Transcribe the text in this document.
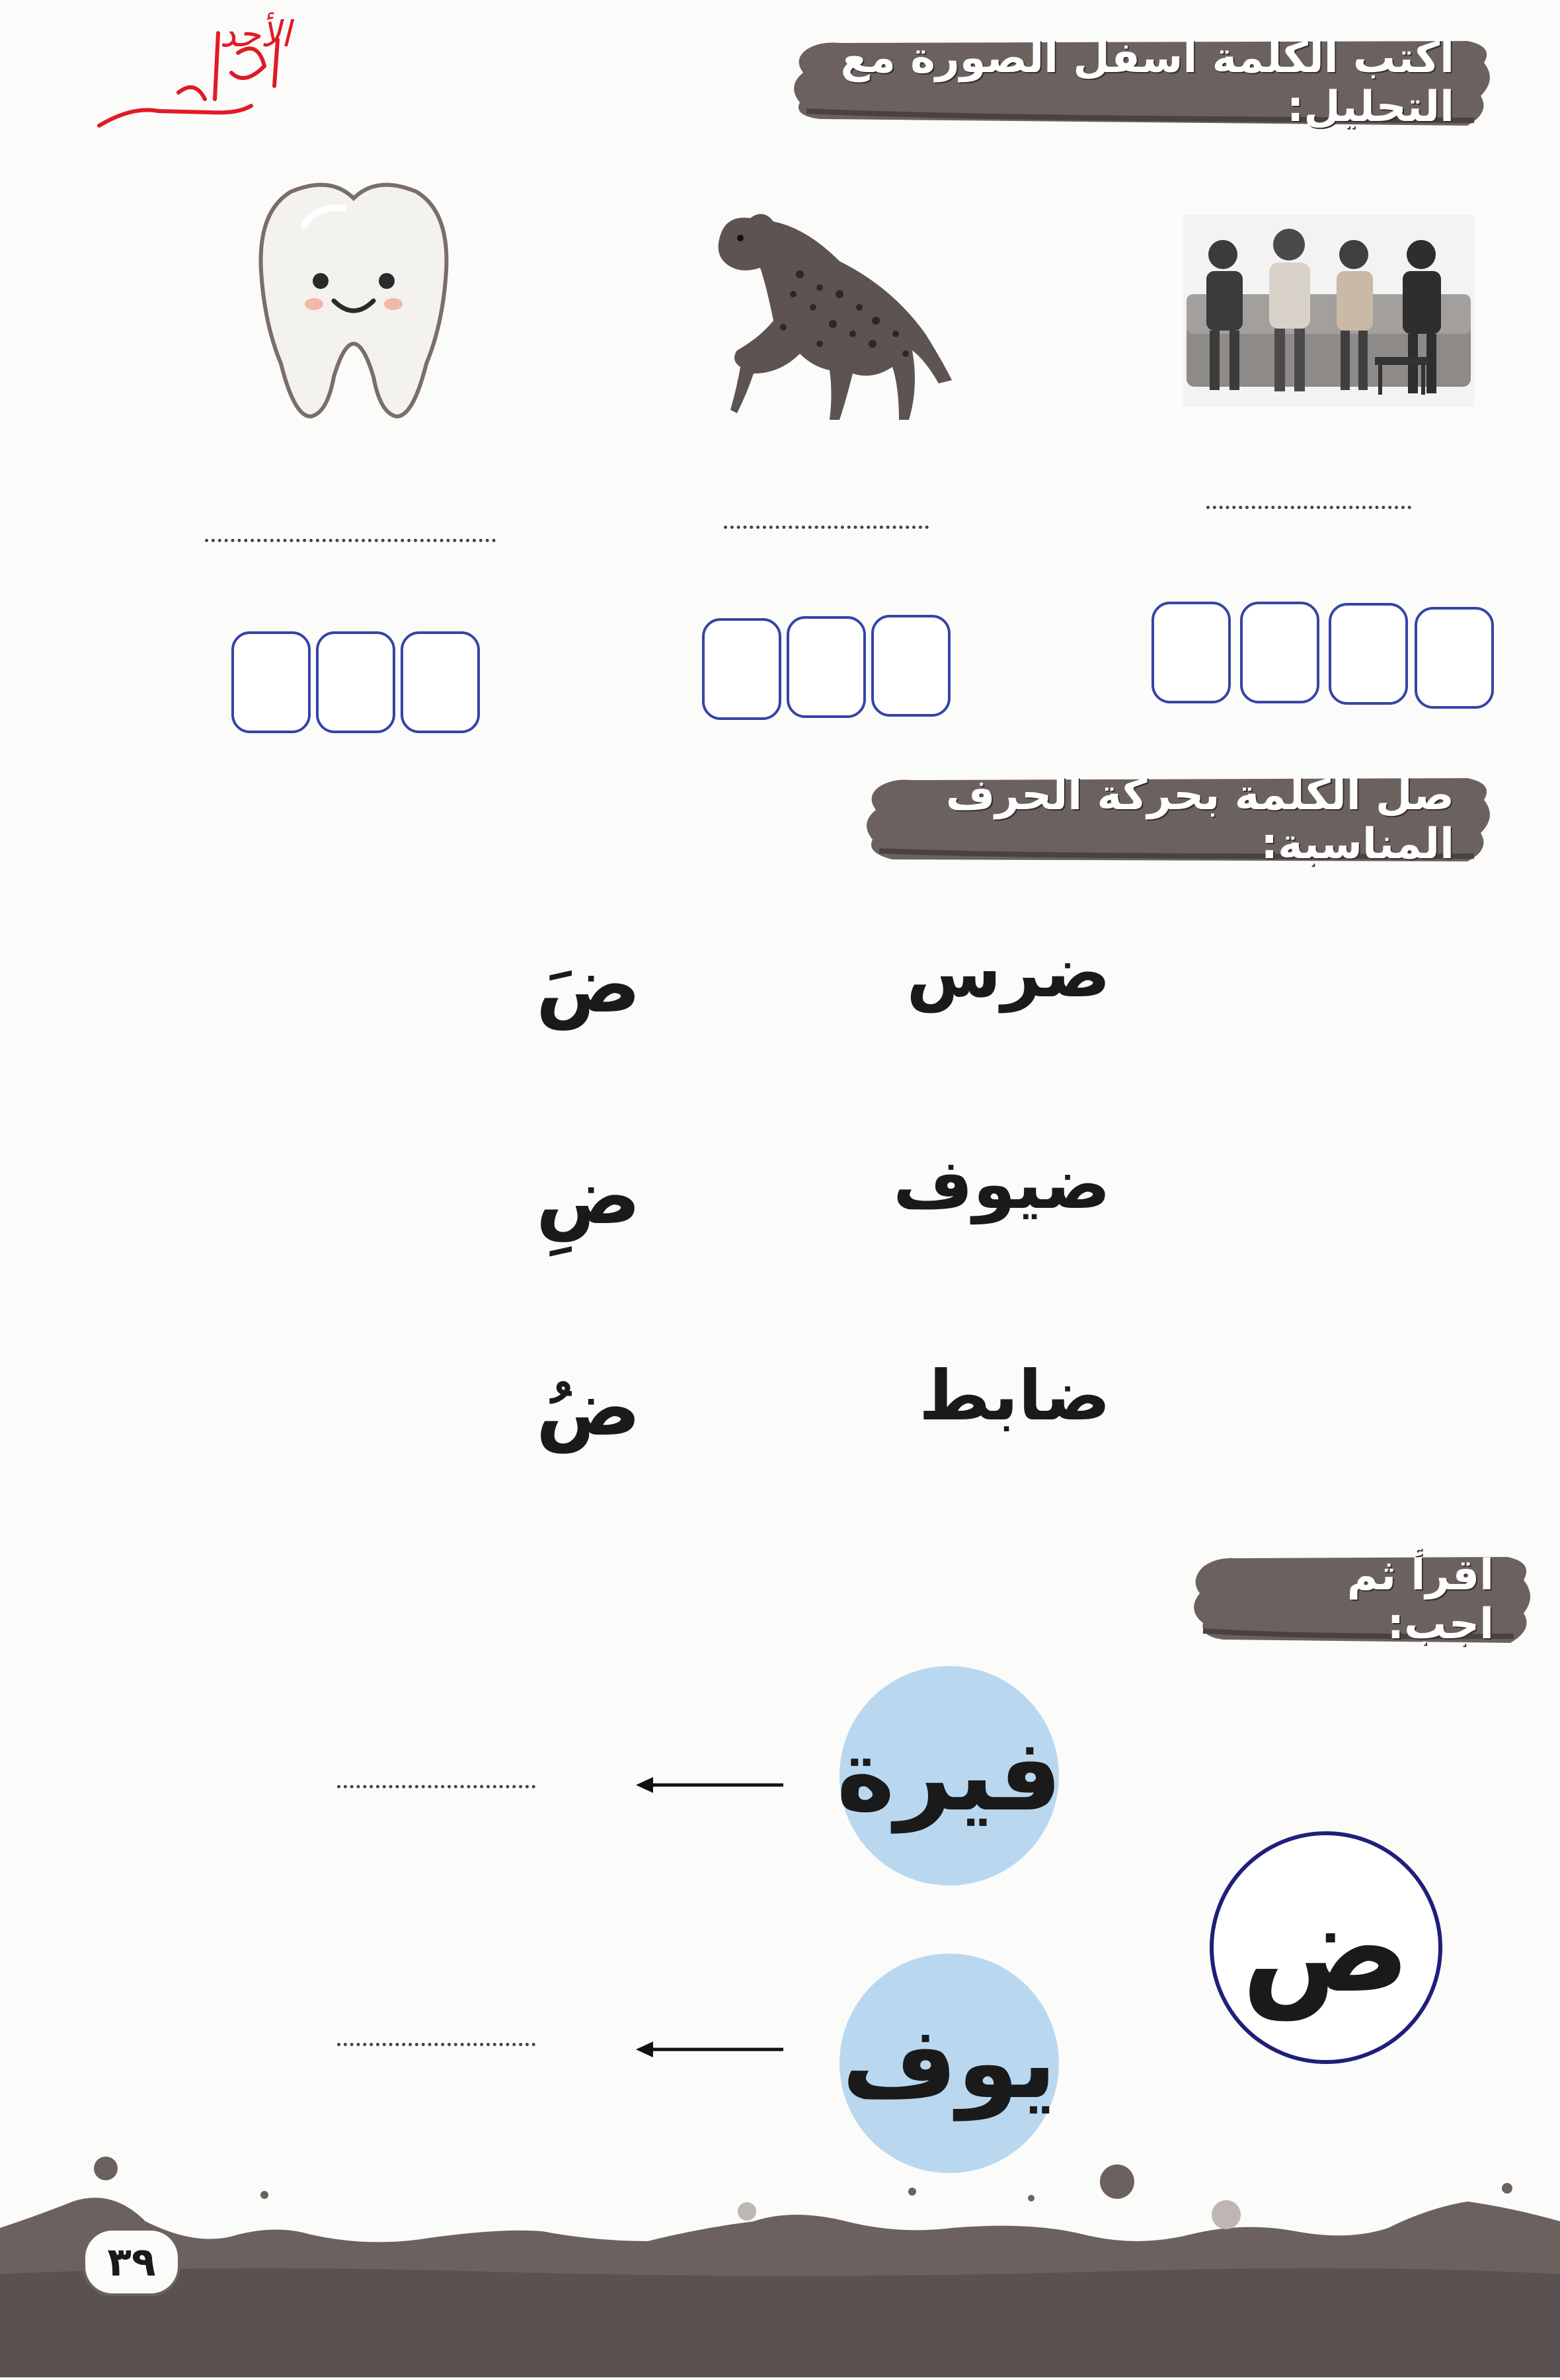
الأحد	اكتب الكلمة اسفل الصورة مع التحليل:
صل الكلمة بحركة الحرف المناسبة:
ضرس
ضيوف
ضابط
ضَ
ضِ
ضُ
اقرأ ثم اجب:
ض
فيرة
يوف
٣٩
